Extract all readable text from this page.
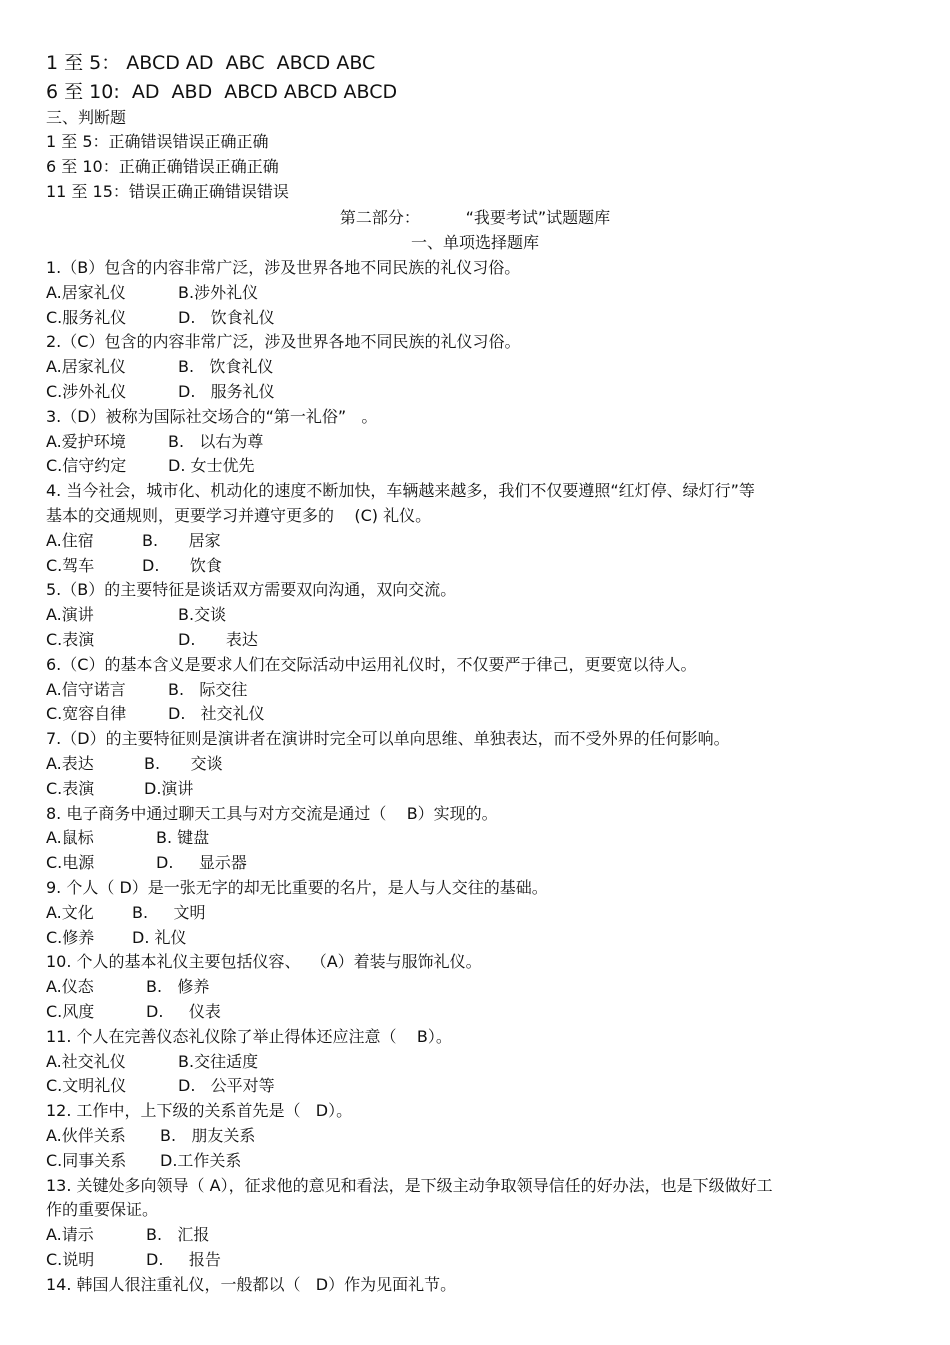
1 至 5： ABCD AD  ABC  ABCD ABC
6 至 10:  AD  ABD  ABCD ABCD ABCD
三、判断题
1 至 5：正确错误错误正确正确
6 至 10：正确正确错误正确正确
11 至 15：错误正确正确错误错误
第二部分：         “我要考试”试题题库
一、单项选择题库
1.（B）包含的内容非常广泛，涉及世界各地不同民族的礼仪习俗。
A.居家礼仪	B.涉外礼仪
C.服务礼仪	D.   饮食礼仪
2.（C）包含的内容非常广泛，涉及世界各地不同民族的礼仪习俗。
A.居家礼仪	B.   饮食礼仪
C.涉外礼仪	D.   服务礼仪
3.（D）被称为国际社交场合的“第一礼俗”   。
A.爱护环境	B.   以右为尊
C.信守约定	D. 女士优先
4. 当今社会，城市化、机动化的速度不断加快，车辆越来越多，我们不仅要遵照“红灯停、绿灯行”等
基本的交通规则，更要学习并遵守更多的    (C) 礼仪。
A.住宿	B.      居家
C.驾车	D.      饮食
5.（B）的主要特征是谈话双方需要双向沟通，双向交流。
A.演讲	B.交谈
C.表演	D.      表达
6.（C）的基本含义是要求人们在交际活动中运用礼仪时，不仅要严于律己，更要宽以待人。
A.信守诺言	B.   际交往
C.宽容自律	D.   社交礼仪
7.（D）的主要特征则是演讲者在演讲时完全可以单向思维、单独表达，而不受外界的任何影响。
A.表达	B.      交谈
C.表演	D.演讲
8. 电子商务中通过聊天工具与对方交流是通过（    B）实现的。
A.鼠标	B. 键盘
C.电源	D.     显示器
9. 个人（ D）是一张无字的却无比重要的名片，是人与人交往的基础。
A.文化 B.     文明
C.修养 D. 礼仪
10. 个人的基本礼仪主要包括仪容、  （A）着装与服饰礼仪。
A.仪态	B.   修养
C.风度	D.     仪表
11. 个人在完善仪态礼仪除了举止得体还应注意（    B）。
A.社交礼仪	B.交往适度
C.文明礼仪	D.   公平对等
12. 工作中，上下级的关系首先是（   D）。
A.伙伴关系 B.   朋友关系
C.同事关系 D.工作关系
13. 关键处多向领导（ A），征求他的意见和看法，是下级主动争取领导信任的好办法，也是下级做好工
作的重要保证。
A.请示	B.   汇报
C.说明	D.     报告
14. 韩国人很注重礼仪，一般都以（   D）作为见面礼节。
